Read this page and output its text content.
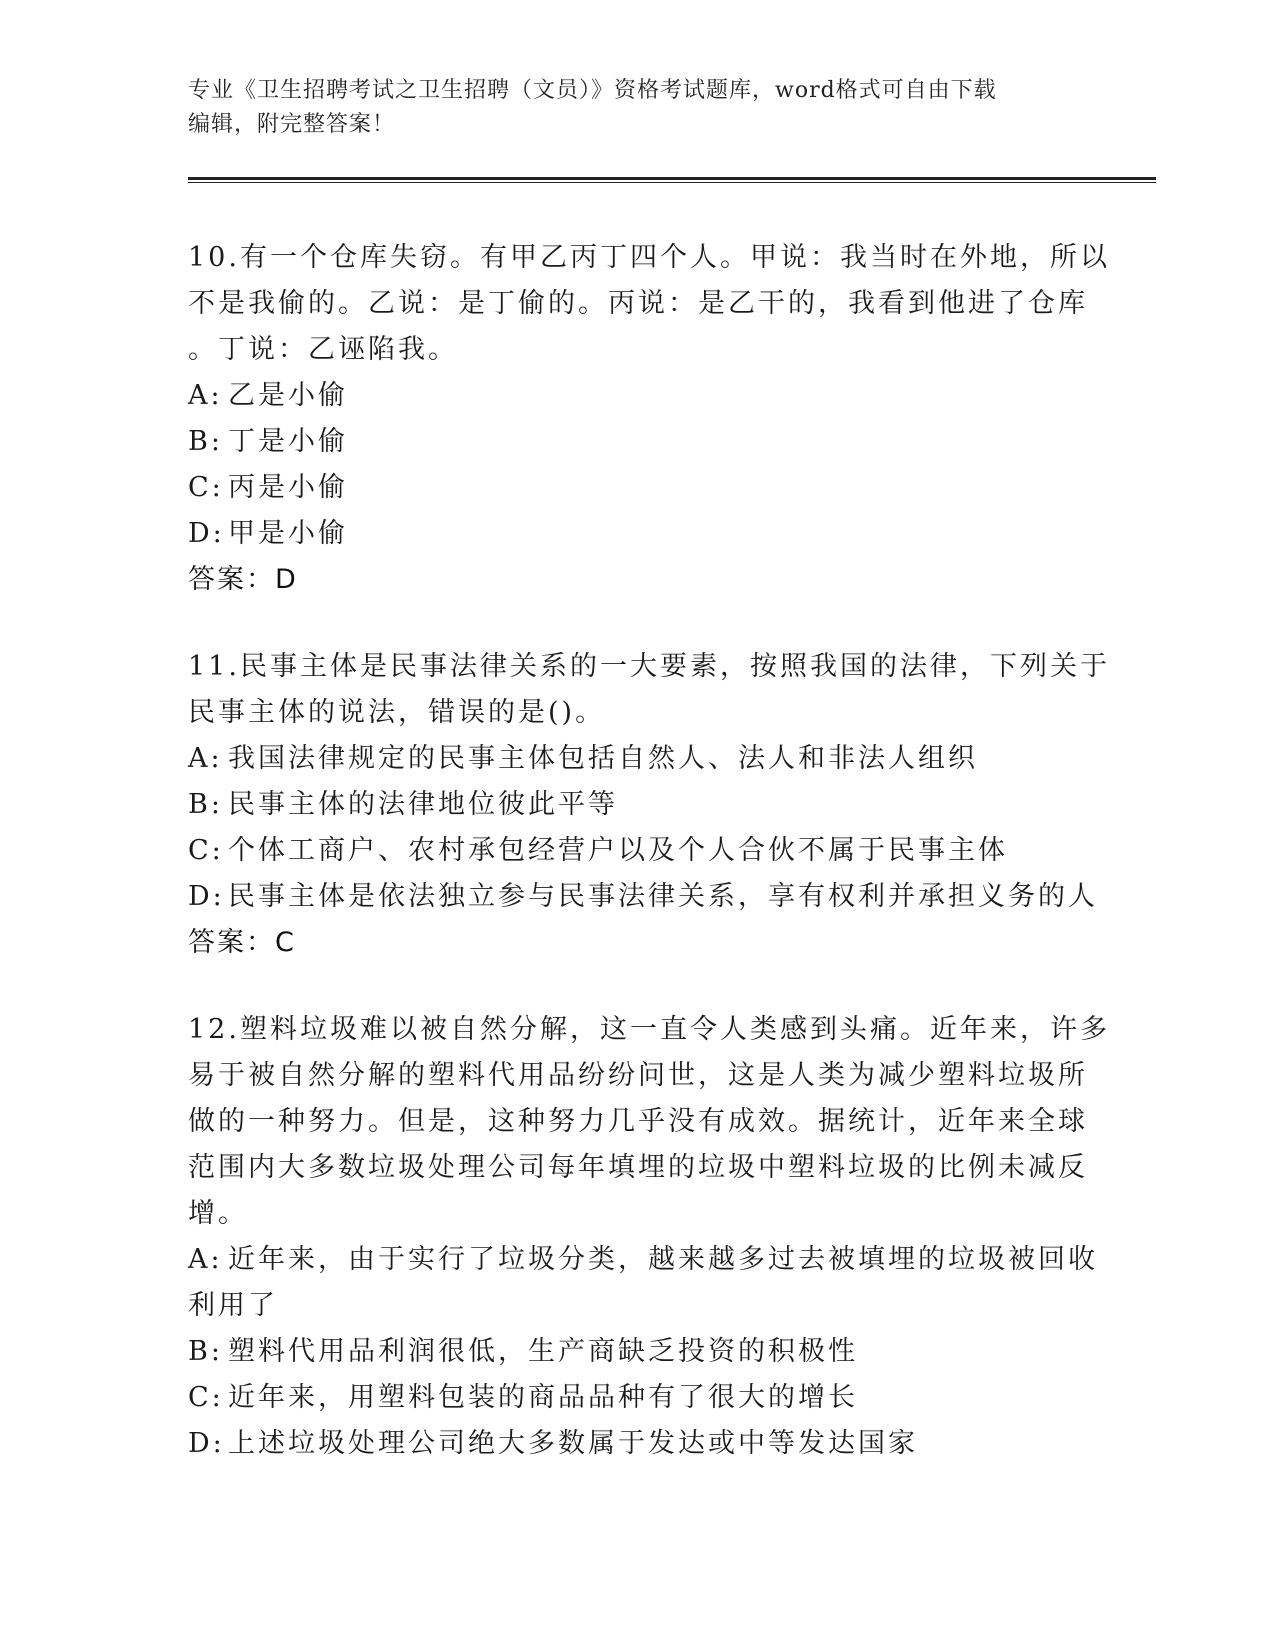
专业《卫生招聘考试之卫生招聘（文员）》资格考试题库，word格式可自由下载
编辑，附完整答案！

10.有一个仓库失窃。有甲乙丙丁四个人。甲说：我当时在外地，所以

不是我偷的。乙说：是丁偷的。丙说：是乙干的，我看到他进了仓库

。丁说：乙诬陷我。

A: 乙是小偷

B: 丁是小偷

C: 丙是小偷

D: 甲是小偷

答案：D

11.民事主体是民事法律关系的一大要素，按照我国的法律，下列关于

民事主体的说法，错误的是()。

A: 我国法律规定的民事主体包括自然人、法人和非法人组织

B: 民事主体的法律地位彼此平等

C: 个体工商户、农村承包经营户以及个人合伙不属于民事主体

D: 民事主体是依法独立参与民事法律关系，享有权利并承担义务的人

答案：C

12.塑料垃圾难以被自然分解，这一直令人类感到头痛。近年来，许多

易于被自然分解的塑料代用品纷纷问世，这是人类为减少塑料垃圾所

做的一种努力。但是，这种努力几乎没有成效。据统计，近年来全球

范围内大多数垃圾处理公司每年填埋的垃圾中塑料垃圾的比例未减反

增。

A: 近年来，由于实行了垃圾分类，越来越多过去被填埋的垃圾被回收

利用了

B: 塑料代用品利润很低，生产商缺乏投资的积极性

C: 近年来，用塑料包装的商品品种有了很大的增长

D: 上述垃圾处理公司绝大多数属于发达或中等发达国家
